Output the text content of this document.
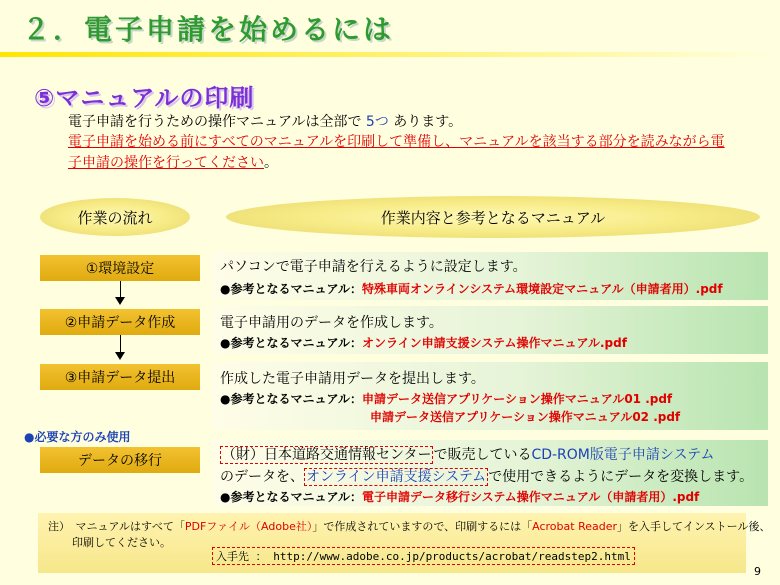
２．電子申請を始めるには
⑤マニュアルの印刷
電子申請を行うための操作マニュアルは全部で 5つ あります。
電子申請を始める前にすべてのマニュアルを印刷して準備し、マニュアルを該当する部分を読みながら電子申請の操作を行ってください。
作業の流れ	作業内容と参考となるマニュアル
①環境設定
②申請データ作成
③申請データ提出
●必要な方のみ使用
データの移行
パソコンで電子申請を行えるように設定します。
●参考となるマニュアル：特殊車両オンラインシステム環境設定マニュアル（申請者用）.pdf
電子申請用のデータを作成します。
●参考となるマニュアル：オンライン申請支援システム操作マニュアル.pdf
作成した電子申請用データを提出します。
●参考となるマニュアル：申請データ送信アプリケーション操作マニュアル01 .pdf
申請データ送信アプリケーション操作マニュアル02 .pdf
（財）日本道路交通情報センター で販売しているCD-ROM版電子申請システム
のデータを、 オンライン申請支援システム で使用できるようにデータを変換します。
●参考となるマニュアル：電子申請データ移行システム操作マニュアル（申請者用）.pdf
注）　マニュアルはすべて「PDFファイル（Adobe社）」で作成されていますので、印刷するには「Acrobat Reader」を入手してインストール後、
印刷してください。
入手先 ： http://www.adobe.co.jp/products/acrobat/readstep2.html
9
